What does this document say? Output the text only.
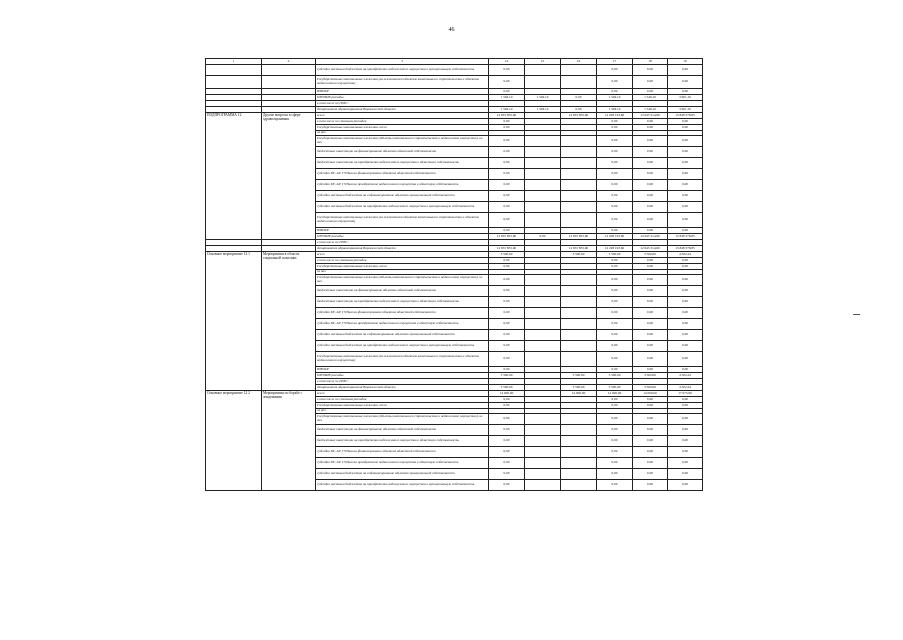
46
1	2	3	14	15	16	17	18	19
		субсидии местным бюджетам на приобретение недвижимого имущества в муниципальную собственность	0,00			0,00	0,00	0,00
		Государственные капитальные вложения (за исключением объектов капитального строительства и объектов недвижимого имущества)	0,00			0,00	0,00	0,00
		НИОКР	0,00			0,00	0,00	0,00
		ПРОЧИЕ расходы	1 549,10	1 549,10	0,00	1 549,10	1 549,10	3 901,10
		в том числе по ГРБС:						
		департамент здравоохранения Воронежской области	1 549,10	1 549,10	0,00	1 549,10	1 549,10	3 901,10
ПОДПРОГРАММА 12	Другие вопросы в сфере здравоохранения	всего	12 655 855,60		12 655 855,60	12 228 193,60	12 645 314,60	15 848 378,85
		в том числе по статьям расходов	0,00			0,00	0,00	0,00
		Государственные капитальные вложения, всего	0,00			0,00	0,00	0,00
		из них						
		Государственные капитальные вложения (объекты капитального строительства и недвижимое имущество), из них	0,00			0,00	0,00	0,00
		бюджетные инвестиции на финансирование объектов областной собственности	0,00			0,00	0,00	0,00
		бюджетные инвестиции на приобретение недвижимого имущества в областную собственность	0,00			0,00	0,00	0,00
		субсидии БУ, АУ, ГУПам на финансирование объектов областной собственности	0,00			0,00	0,00	0,00
		субсидии БУ, АУ, ГУПам на приобретение недвижимого имущества в областную собственность	0,00			0,00	0,00	0,00
		субсидии местным бюджетам на софинансирование объектов муниципальной собственности	0,00			0,00	0,00	0,00
		субсидии местным бюджетам на приобретение недвижимого имущества в муниципальную собственность	0,00			0,00	0,00	0,00
		Государственные капитальные вложения (за исключением объектов капитального строительства и объектов недвижимого имущества)	0,00			0,00	0,00	0,00
		НИОКР	0,00			0,00	0,00	0,00
		ПРОЧИЕ расходы	12 655 855,60	0,00	12 655 855,60	12 228 193,60	12 645 314,60	15 848 378,85
		в том числе по ГРБС:						
		департамент здравоохранения Воронежской области	12 655 855,60		12 655 855,60	12 228 193,60	12 645 314,60	15 848 378,85
Основное мероприятие 12.1	Мероприятия в области социальной политики	всего	3 500,00		3 500,00	3 500,00	3 500,00	4 502,24
		в том числе по статьям расходов	0,00			0,00	0,00	0,00
		Государственные капитальные вложения, всего	0,00			0,00	0,00	0,00
		из них						
		Государственные капитальные вложения (объекты капитального строительства и недвижимое имущество), из них	0,00			0,00	0,00	0,00
		бюджетные инвестиции на финансирование объектов областной собственности	0,00			0,00	0,00	0,00
		бюджетные инвестиции на приобретение недвижимого имущества в областную собственность	0,00			0,00	0,00	0,00
		субсидии БУ, АУ, ГУПам на финансирование объектов областной собственности	0,00			0,00	0,00	0,00
		субсидии БУ, АУ, ГУПам на приобретение недвижимого имущества в областную собственность	0,00			0,00	0,00	0,00
		субсидии местным бюджетам на софинансирование объектов муниципальной собственности	0,00			0,00	0,00	0,00
		субсидии местным бюджетам на приобретение недвижимого имущества в муниципальную собственность	0,00			0,00	0,00	0,00
		Государственные капитальные вложения (за исключением объектов капитального строительства и объектов недвижимого имущества)	0,00			0,00	0,00	0,00
		НИОКР	0,00			0,00	0,00	0,00
		ПРОЧИЕ расходы	3 500,00		3 500,00	3 500,00	3 500,00	4 502,24
		в том числе по ГРБС:						
		департамент здравоохранения Воронежской области	3 500,00		3 500,00	3 500,00	3 500,00	4 502,24
Основное мероприятие 12.2	Мероприятия по борьбе с эпидемиями	всего	14 000,00		14 000,00	14 000,00	14 000,00	17 675,96
		в том числе по статьям расходов	0,00			0,00	0,00	0,00
		Государственные капитальные вложения, всего	0,00			0,00	0,00	0,00
		из них						
		Государственные капитальные вложения (объекты капитального строительства и недвижимое имущество), из них	0,00			0,00	0,00	0,00
		бюджетные инвестиции на финансирование объектов областной собственности	0,00			0,00	0,00	0,00
		бюджетные инвестиции на приобретение недвижимого имущества в областную собственность	0,00			0,00	0,00	0,00
		субсидии БУ, АУ, ГУПам на финансирование объектов областной собственности	0,00			0,00	0,00	0,00
		субсидии БУ, АУ, ГУПам на приобретение недвижимого имущества в областную собственность	0,00			0,00	0,00	0,00
		субсидии местным бюджетам на софинансирование объектов муниципальной собственности	0,00			0,00	0,00	0,00
		субсидии местным бюджетам на приобретение недвижимого имущества в муниципальную собственность	0,00			0,00	0,00	0,00
